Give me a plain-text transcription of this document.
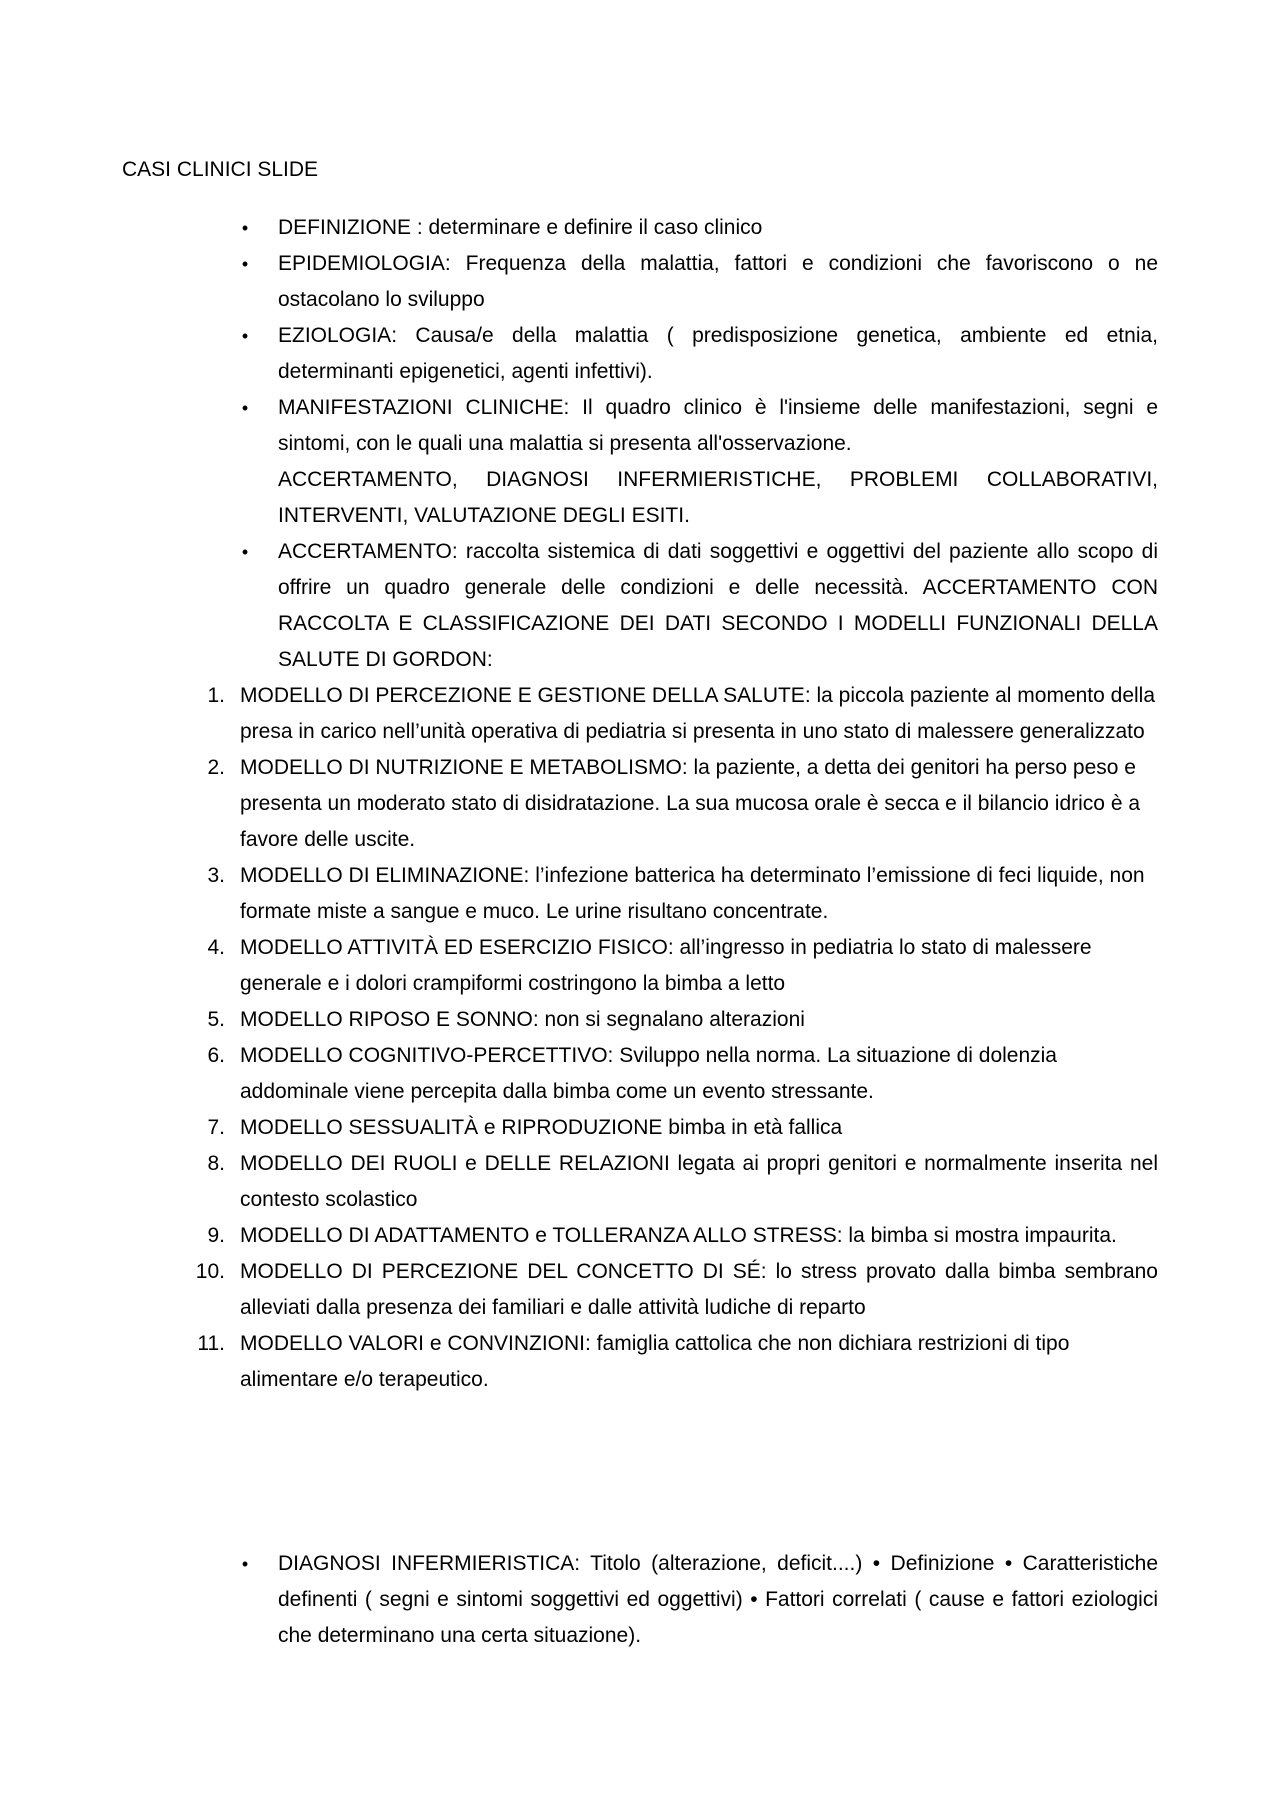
CASI CLINICI SLIDE
• DEFINIZIONE : determinare e definire il caso clinico
• EPIDEMIOLOGIA: Frequenza della malattia, fattori e condizioni che favoriscono o ne ostacolano lo sviluppo
• EZIOLOGIA: Causa/e della malattia ( predisposizione genetica, ambiente ed etnia, determinanti epigenetici, agenti infettivi).
• MANIFESTAZIONI CLINICHE: Il quadro clinico è l'insieme delle manifestazioni, segni e sintomi, con le quali una malattia si presenta all'osservazione.
ACCERTAMENTO, DIAGNOSI INFERMIERISTICHE, PROBLEMI COLLABORATIVI, INTERVENTI, VALUTAZIONE DEGLI ESITI.
• ACCERTAMENTO: raccolta sistemica di dati soggettivi e oggettivi del paziente allo scopo di offrire un quadro generale delle condizioni e delle necessità. ACCERTAMENTO CON RACCOLTA E CLASSIFICAZIONE DEI DATI SECONDO I MODELLI FUNZIONALI DELLA SALUTE DI GORDON:
1. MODELLO DI PERCEZIONE E GESTIONE DELLA SALUTE: la piccola paziente al momento della presa in carico nell’unità operativa di pediatria si presenta in uno stato di malessere generalizzato
2. MODELLO DI NUTRIZIONE E METABOLISMO: la paziente, a detta dei genitori ha perso peso e presenta un moderato stato di disidratazione. La sua mucosa orale è secca e il bilancio idrico è a favore delle uscite.
3. MODELLO DI ELIMINAZIONE: l’infezione batterica ha determinato l’emissione di feci liquide, non formate miste a sangue e muco. Le urine risultano concentrate.
4. MODELLO ATTIVITÀ ED ESERCIZIO FISICO: all’ingresso in pediatria lo stato di malessere generale e i dolori crampiformi costringono la bimba a letto
5. MODELLO RIPOSO E SONNO: non si segnalano alterazioni
6. MODELLO COGNITIVO-PERCETTIVO: Sviluppo nella norma. La situazione di dolenzia addominale viene percepita dalla bimba come un evento stressante.
7. MODELLO SESSUALITÀ e RIPRODUZIONE bimba in età fallica
8. MODELLO DEI RUOLI e DELLE RELAZIONI legata ai propri genitori e normalmente inserita nel contesto scolastico
9. MODELLO DI ADATTAMENTO e TOLLERANZA ALLO STRESS: la bimba si mostra impaurita.
10. MODELLO DI PERCEZIONE DEL CONCETTO DI SÉ: lo stress provato dalla bimba sembrano alleviati dalla presenza dei familiari e dalle attività ludiche di reparto
11. MODELLO VALORI e CONVINZIONI: famiglia cattolica che non dichiara restrizioni di tipo alimentare e/o terapeutico.
• DIAGNOSI INFERMIERISTICA: Titolo (alterazione, deficit....) • Definizione • Caratteristiche definenti ( segni e sintomi soggettivi ed oggettivi) • Fattori correlati ( cause e fattori eziologici che determinano una certa situazione).
